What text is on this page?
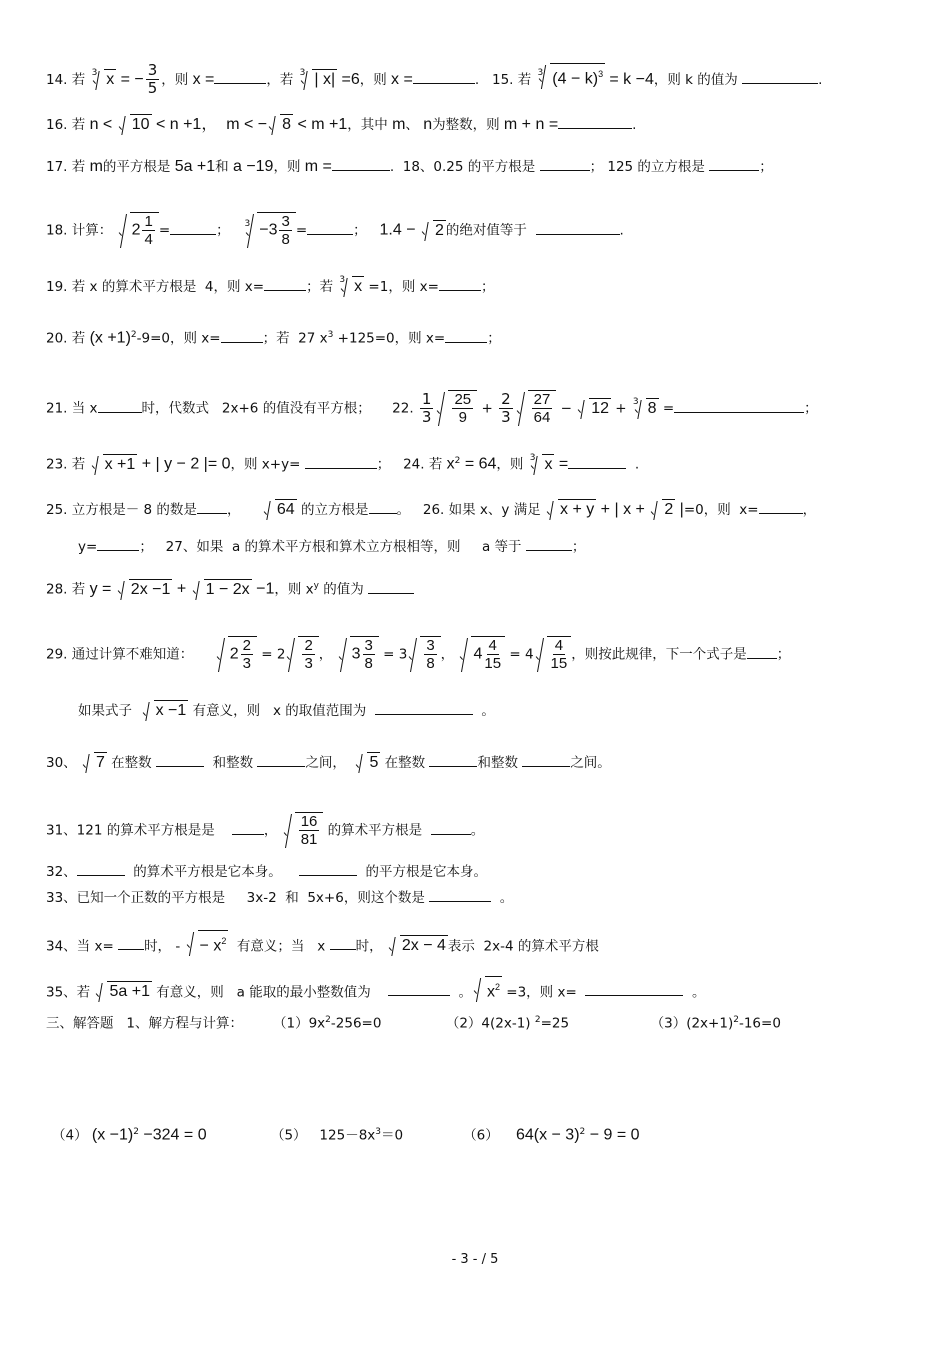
14. 若 $^3$ x = − $\frac{3}{5}$ ，则 x =	，若 $^3$ | x| =6，则 x =	.   15. 若 $^3$ $(4 - k)^3 = k -4$，则 k 的值为	.
16. 若 n < 10 < n +1，  m < − 8 < m +1，其中 m、 n为整数，则 m + n =	.
17. 若 m的平方根是 5a +1和 a −19，则 m =	.  18、0.25 的平方根是	； 125 的立方根是	；
18. 计算： $2 \frac{1}{4}$ =	；   $^3 -3 \frac{3}{8}$ =	；   1.4 − 2 的绝对值等于	.
19. 若 x 的算术平方根是  4，则 x=	；若 $^3$ x =1，则 x=	；
20. 若 $(x +1)^2-9=0$，则 x=	；若  27 $x^3 +125=0$，则 x=	；
21. 当 x	时，代数式   2x+6 的值没有平方根；     22. $\frac{1}{3} \frac{25}{9} + \frac{2}{3} \frac{27}{64} - 12 + ^3$ 8 =	；
23. 若 x +1 + | y − 2 |= 0，则 x+y=	；   24. 若 $x^2 = 64$，则 $^3$ x =	.
25. 立方根是－ 8 的数是 ，     64 的立方根是 。   26. 如果 x、y 满足 x + y + | x + 2 |=0，则  x=	，
y=	；   27、如果  a 的算术平方根和算术立方根相等，则     a 等于	；
28. 若 y = 2x −1 + 1 − 2x −1，则 $x^y$ 的值为
29. 通过计算不难知道：     $2 \frac{2}{3} = 2 \frac{2}{3}$ ， $3 \frac{3}{8} = 3 \frac{3}{8}$ ， $4 \frac{4}{15} = 4 \frac{4}{15}$ ，则按此规律，下一个式子是 ；
如果式子  x −1 有意义，则   x 的取值范围为	。
30、 7 在整数	和整数	之间，  5 在整数	和整数	之间。
31、121 的算术平方根是是    ， $\frac{16}{81}$ 的算术平方根是	。
32、	的算术平方根是它本身。	的平方根是它本身。
33、已知一个正数的平方根是     3x-2  和  5x+6，则这个数是	。
34、当 x= 时， - − $x^2$  有意义；当   x 时， 2x − 4 表示  2x-4 的算术平方根
35、若 5a +1 有意义，则   a 能取的最小整数值为	。 $x^2 =3$，则 x=	。
三、解答题   1、解方程与计算：       $(1)9x^2-256=0$               （2）4(2x-1) $^2$=25                   $(3)(2x+1)^2-16=0$
（4） $(x -1)^2 -324 = 0$               （5）   $125-8x^3=0$              （6）    $64(x - 3)^2 - 9 = 0$
- 3 - / 5
